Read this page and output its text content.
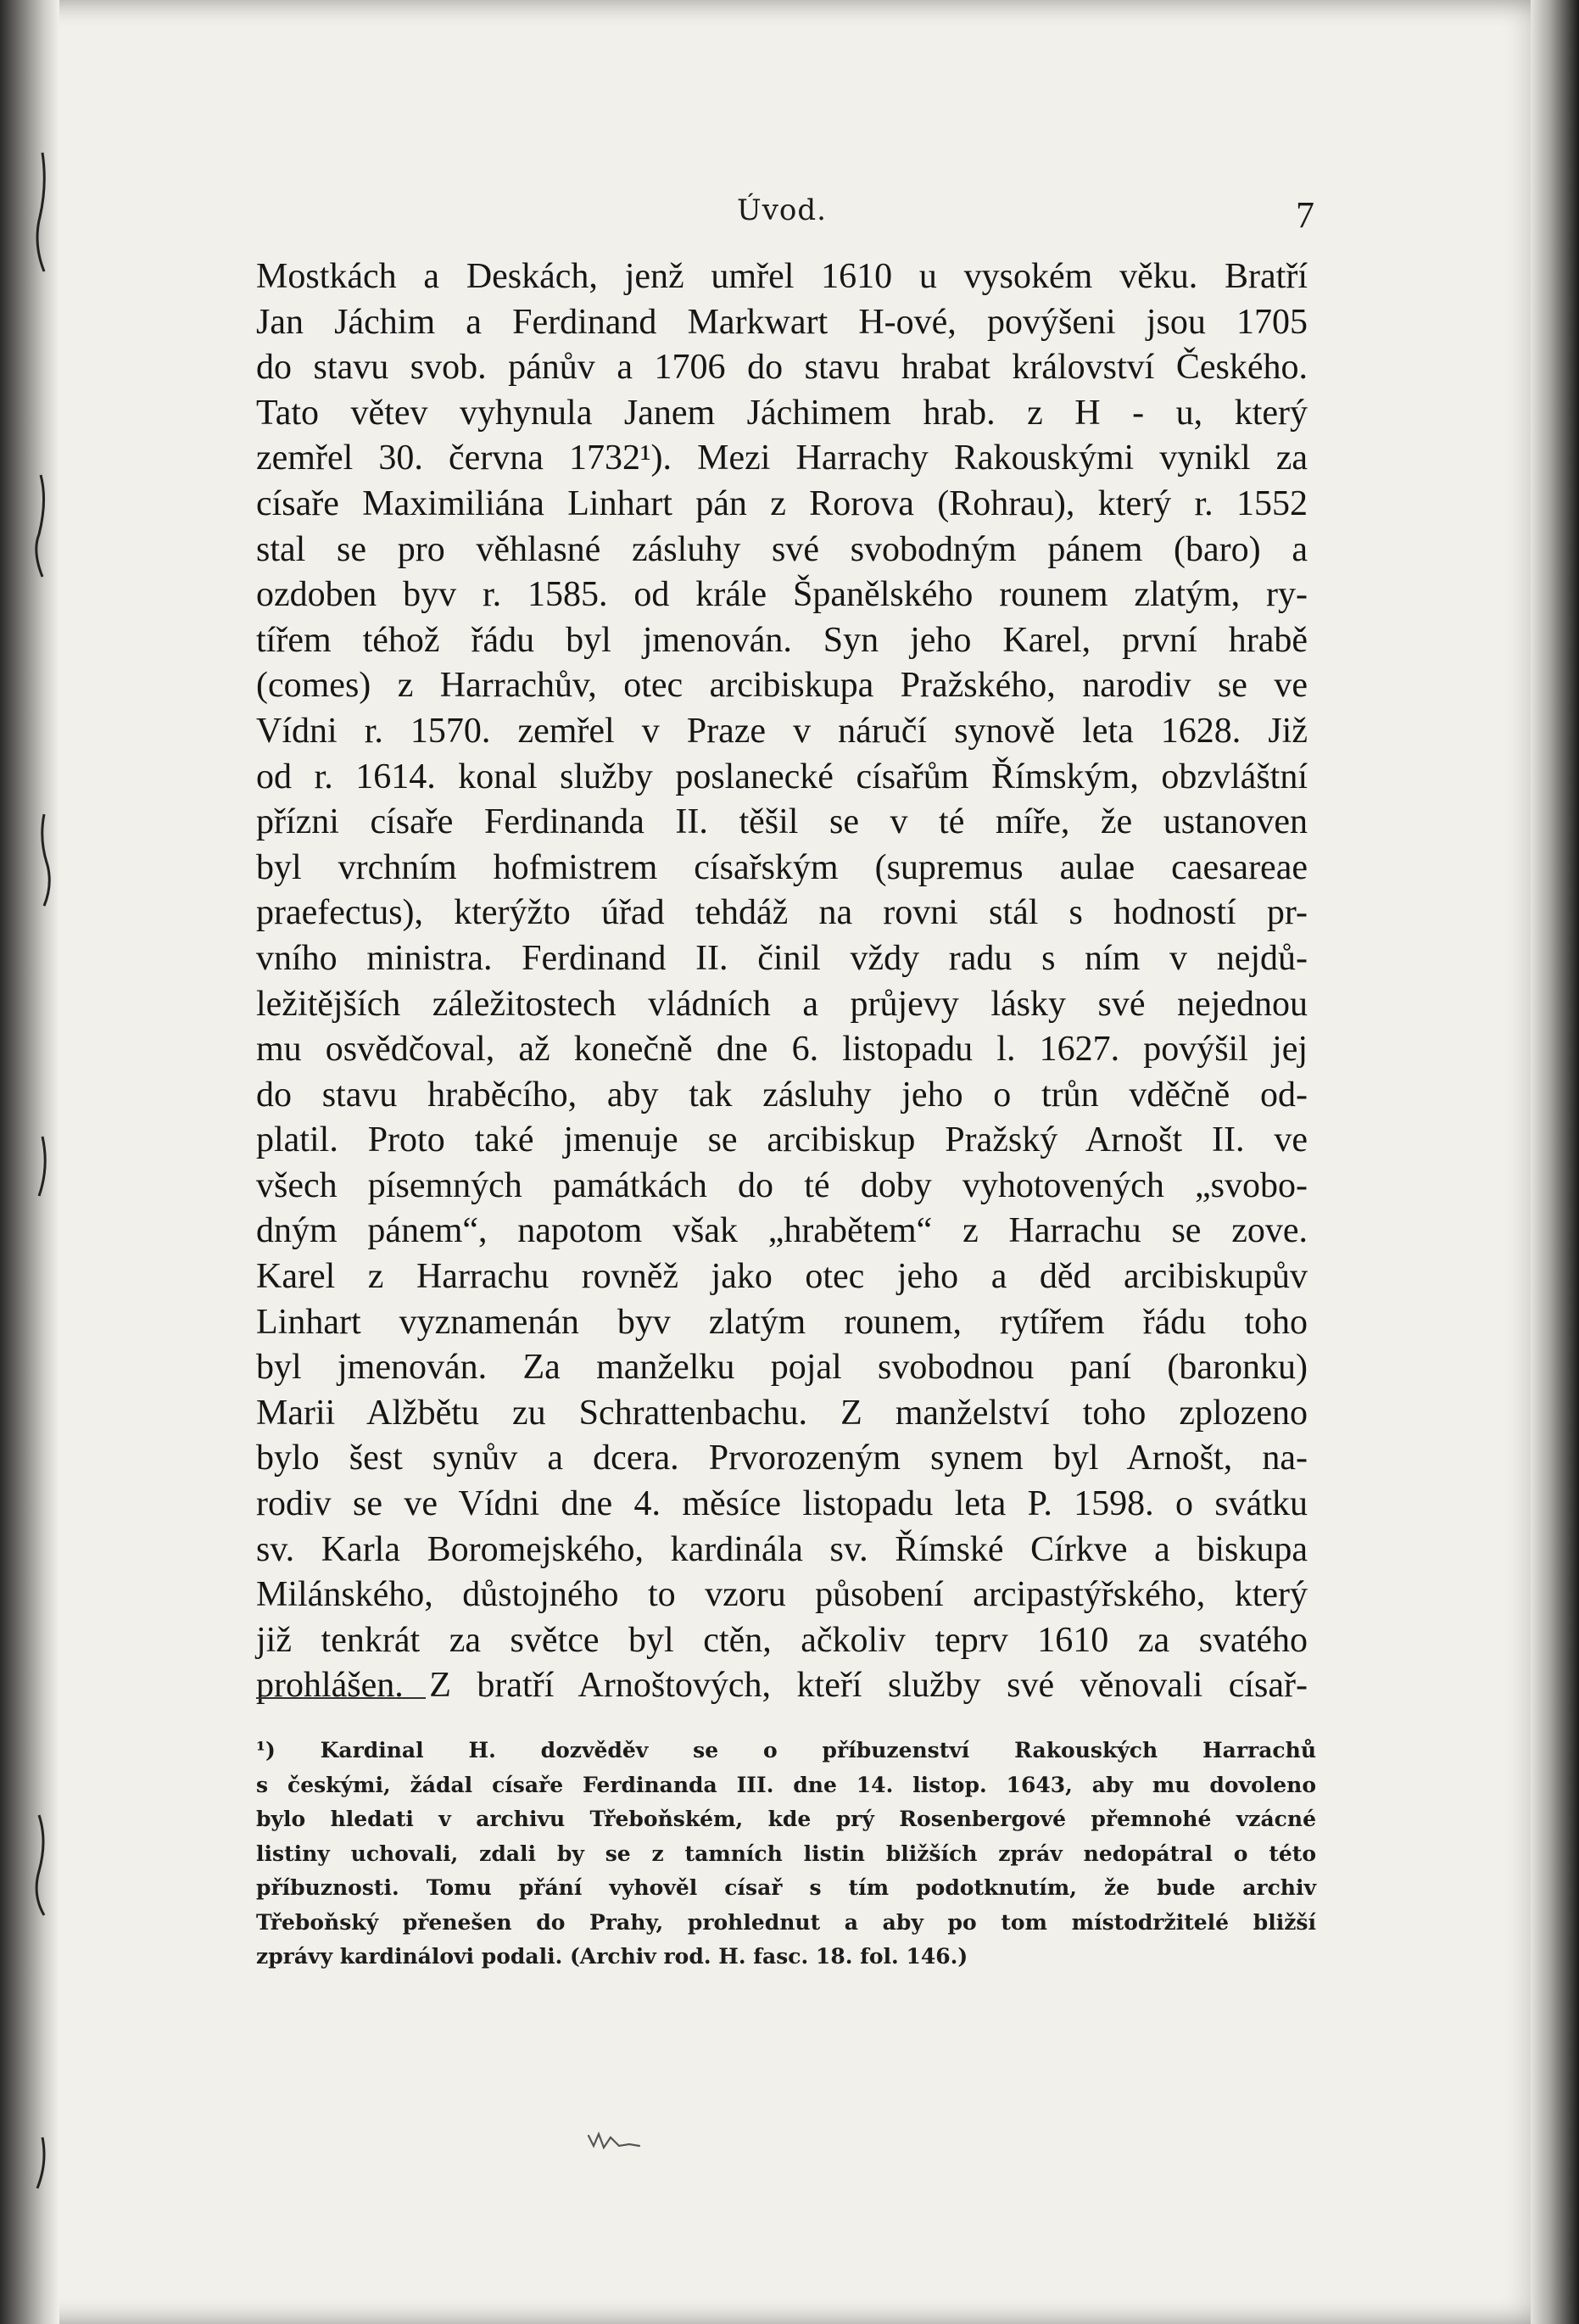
Úvod.	7
Mostkách a Deskách, jenž umřel 1610 u vysokém věku. Bratří
Jan Jáchim a Ferdinand Markwart H-ové, povýšeni jsou 1705
do stavu svob. pánův a 1706 do stavu hrabat království Českého.
Tato větev vyhynula Janem Jáchimem hrab. z H - u, který
zemřel 30. června 1732¹). Mezi Harrachy Rakouskými vynikl za
císaře Maximiliána Linhart pán z Rorova (Rohrau), který r. 1552
stal se pro věhlasné zásluhy své svobodným pánem (baro) a
ozdoben byv r. 1585. od krále Španělského rounem zlatým, ry-
tířem téhož řádu byl jmenován. Syn jeho Karel, první hrabě
(comes) z Harrachův, otec arcibiskupa Pražského, narodiv se ve
Vídni r. 1570. zemřel v Praze v náručí synově leta 1628. Již
od r. 1614. konal služby poslanecké císařům Římským, obzvláštní
přízni císaře Ferdinanda II. těšil se v té míře, že ustanoven
byl vrchním hofmistrem císařským (supremus aulae caesareae
praefectus), kterýžto úřad tehdáž na rovni stál s hodností pr-
vního ministra. Ferdinand II. činil vždy radu s ním v nejdů-
ležitějších záležitostech vládních a průjevy lásky své nejednou
mu osvědčoval, až konečně dne 6. listopadu l. 1627. povýšil jej
do stavu hraběcího, aby tak zásluhy jeho o trůn vděčně od-
platil. Proto také jmenuje se arcibiskup Pražský Arnošt II. ve
všech písemných památkách do té doby vyhotovených „svobo-
dným pánem“, napotom však „hrabětem“ z Harrachu se zove.
Karel z Harrachu rovněž jako otec jeho a děd arcibiskupův
Linhart vyznamenán byv zlatým rounem, rytířem řádu toho
byl jmenován. Za manželku pojal svobodnou paní (baronku)
Marii Alžbětu zu Schrattenbachu. Z manželství toho zplozeno
bylo šest synův a dcera. Prvorozeným synem byl Arnošt, na-
rodiv se ve Vídni dne 4. měsíce listopadu leta P. 1598. o svátku
sv. Karla Boromejského, kardinála sv. Římské Církve a biskupa
Milánského, důstojného to vzoru působení arcipastýřského, který
již tenkrát za světce byl ctěn, ačkoliv teprv 1610 za svatého
prohlášen. Z bratří Arnoštových, kteří služby své věnovali císař-
¹) Kardinal H. dozvěděv se o příbuzenství Rakouských Harrachů
s českými, žádal císaře Ferdinanda III. dne 14. listop. 1643, aby mu dovoleno
bylo hledati v archivu Třeboňském, kde prý Rosenbergové přemnohé vzácné
listiny uchovali, zdali by se z tamních listin bližších zpráv nedopátral o této
příbuznosti. Tomu přání vyhověl císař s tím podotknutím, že bude archiv
Třeboňský přenešen do Prahy, prohlednut a aby po tom místodržitelé bližší
zprávy kardinálovi podali. (Archiv rod. H. fasc. 18. fol. 146.)
